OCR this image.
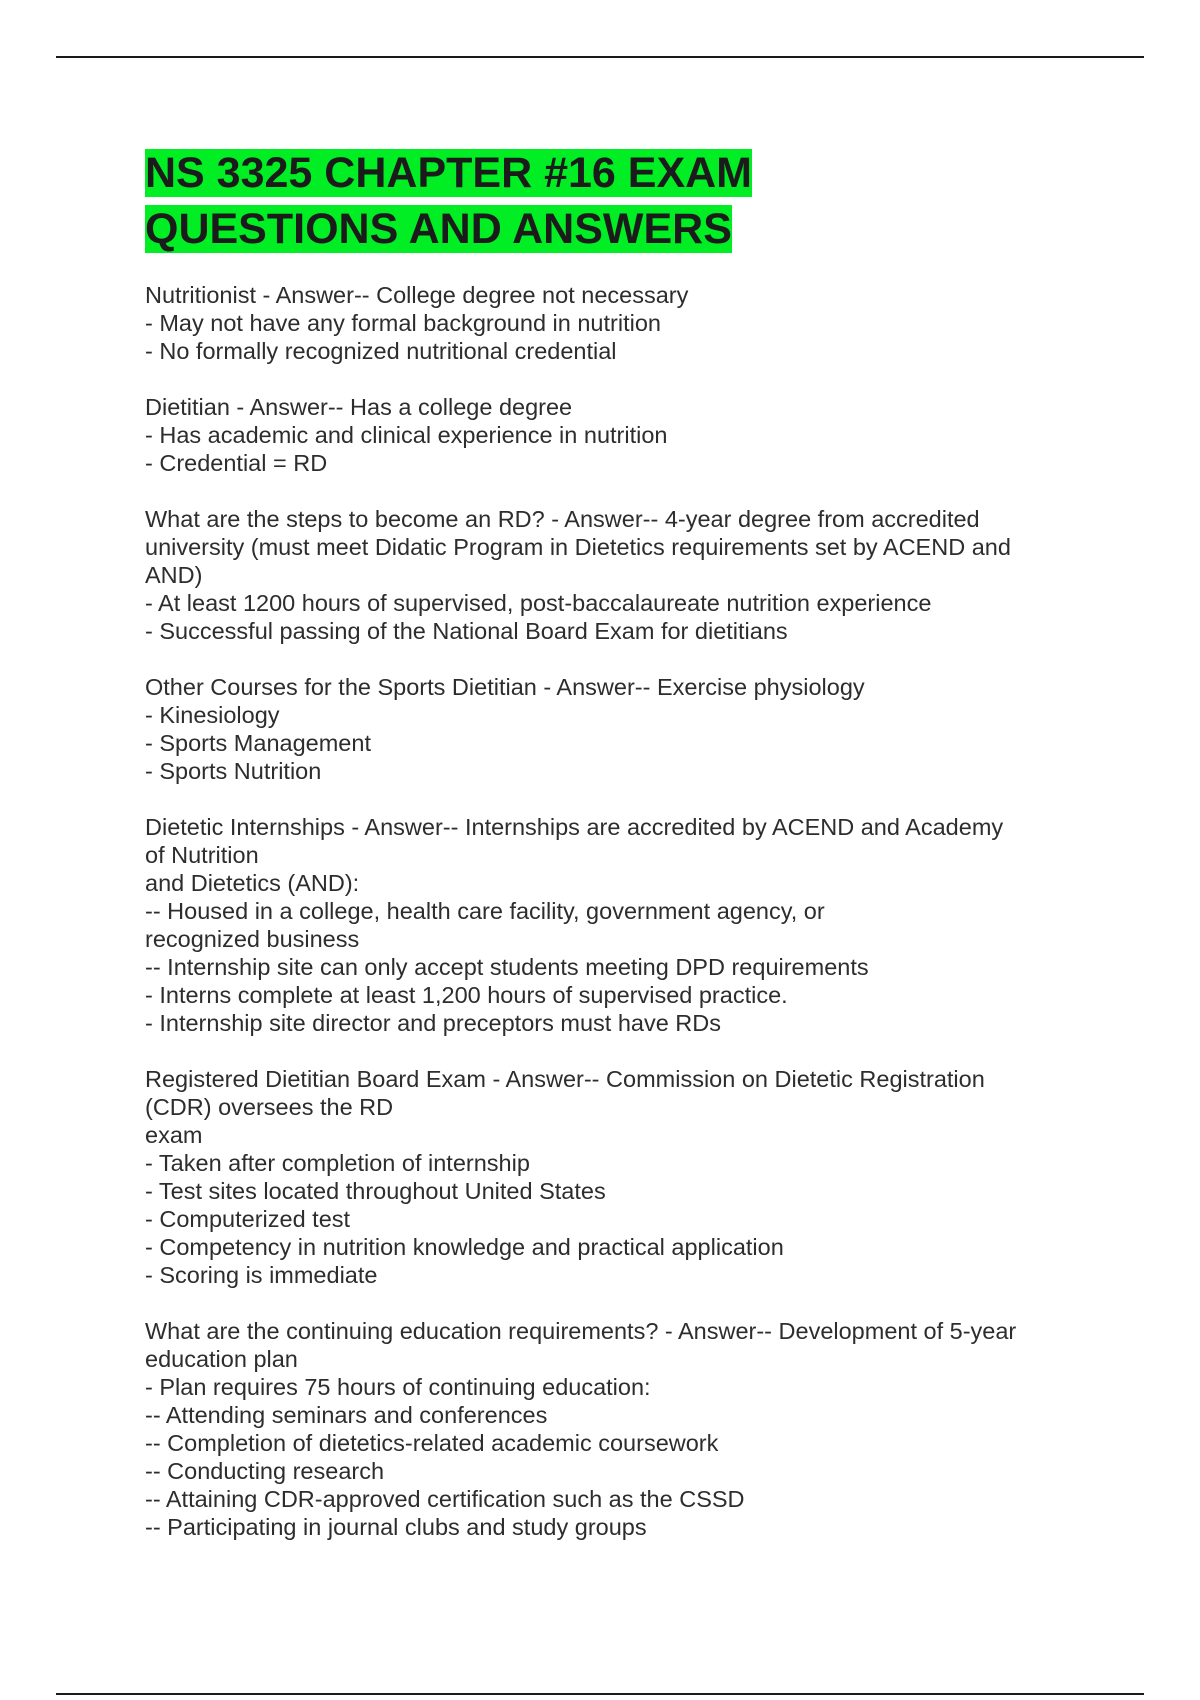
NS 3325 CHAPTER #16 EXAM
QUESTIONS AND ANSWERS
Nutritionist - Answer-- College degree not necessary
- May not have any formal background in nutrition
- No formally recognized nutritional credential
Dietitian - Answer-- Has a college degree
- Has academic and clinical experience in nutrition
- Credential = RD
What are the steps to become an RD? - Answer-- 4-year degree from accredited
university (must meet Didatic Program in Dietetics requirements set by ACEND and
AND)
- At least 1200 hours of supervised, post-baccalaureate nutrition experience
- Successful passing of the National Board Exam for dietitians
Other Courses for the Sports Dietitian - Answer-- Exercise physiology
- Kinesiology
- Sports Management
- Sports Nutrition
Dietetic Internships - Answer-- Internships are accredited by ACEND and Academy
of Nutrition
and Dietetics (AND):
-- Housed in a college, health care facility, government agency, or
recognized business
-- Internship site can only accept students meeting DPD requirements
- Interns complete at least 1,200 hours of supervised practice.
- Internship site director and preceptors must have RDs
Registered Dietitian Board Exam - Answer-- Commission on Dietetic Registration
(CDR) oversees the RD
exam
- Taken after completion of internship
- Test sites located throughout United States
- Computerized test
- Competency in nutrition knowledge and practical application
- Scoring is immediate
What are the continuing education requirements? - Answer-- Development of 5-year
education plan
- Plan requires 75 hours of continuing education:
-- Attending seminars and conferences
-- Completion of dietetics-related academic coursework
-- Conducting research
-- Attaining CDR-approved certification such as the CSSD
-- Participating in journal clubs and study groups
